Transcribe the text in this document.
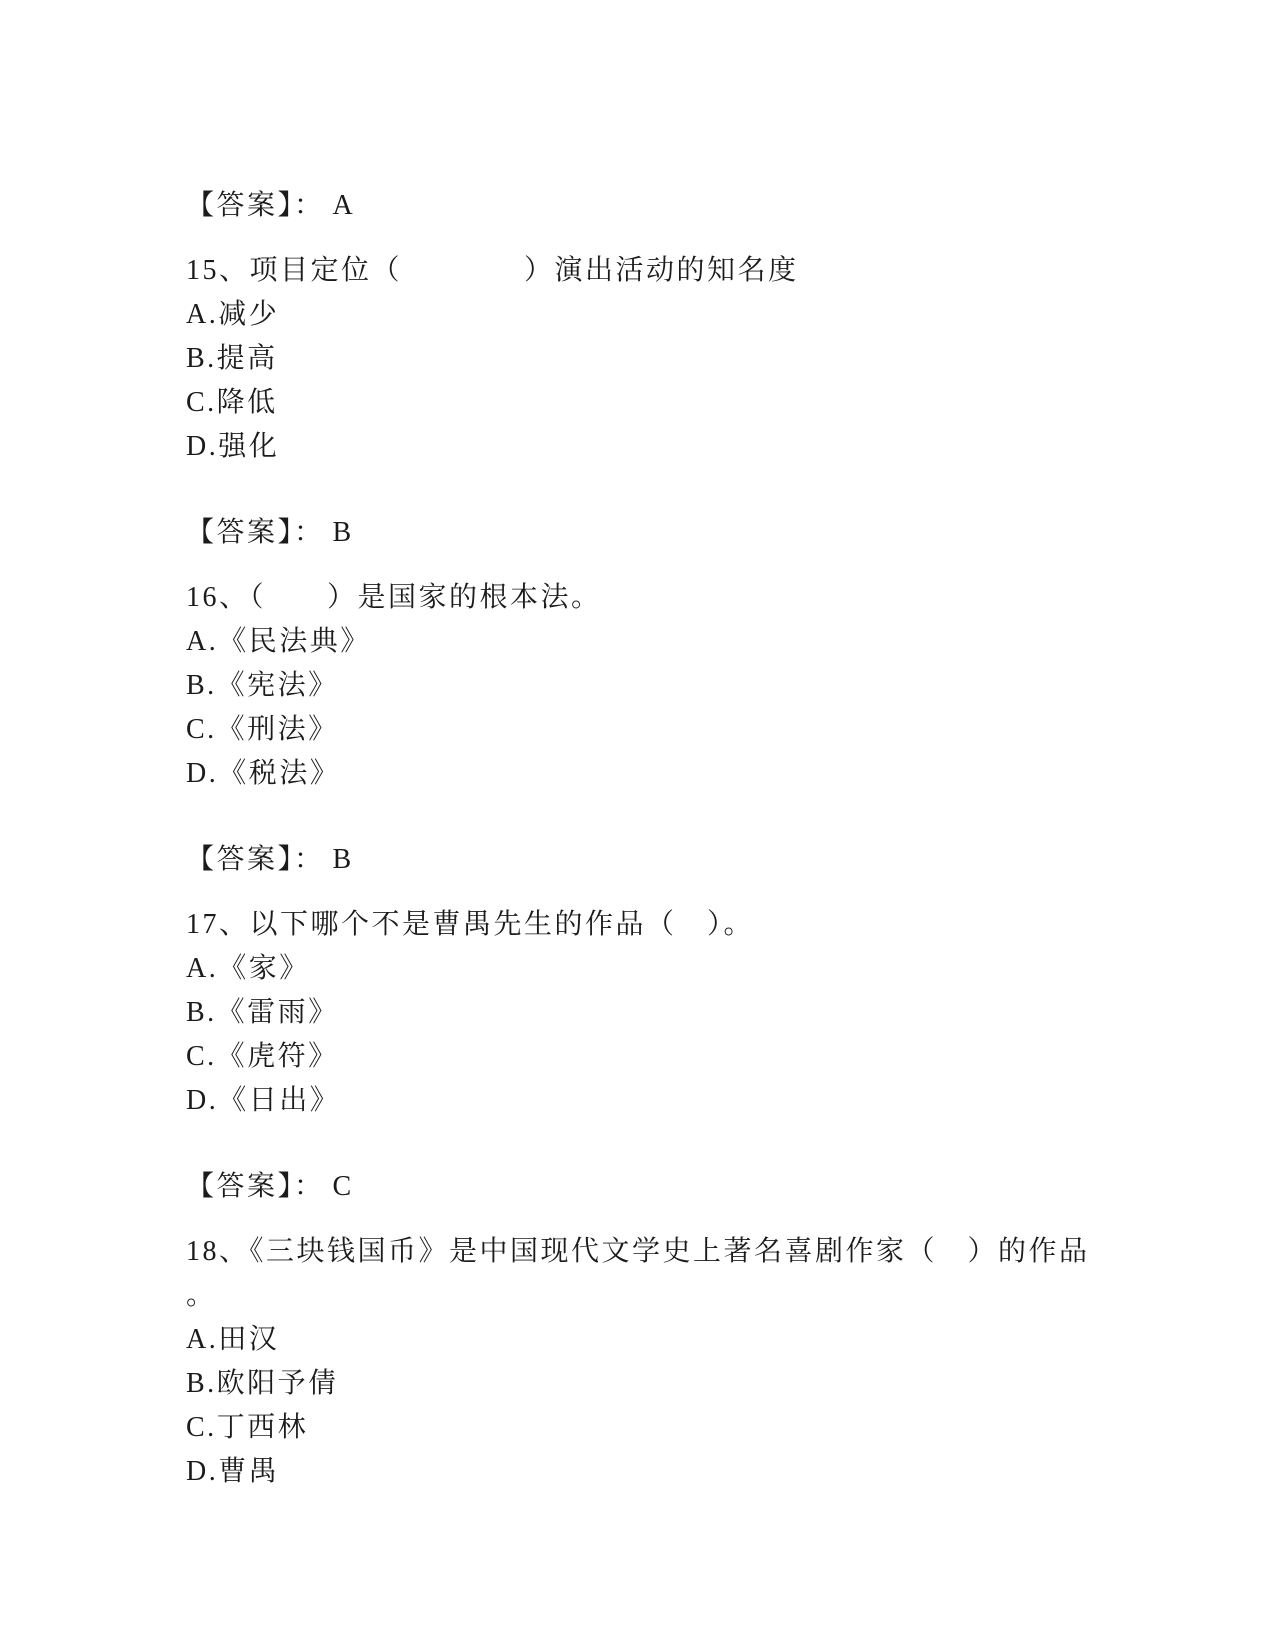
【答案】： A

15、项目定位（　　　　）演出活动的知名度

A.减少

B.提高

C.降低

D.强化

【答案】： B

16、（　　）是国家的根本法。

A.《民法典》

B.《宪法》

C.《刑法》

D.《税法》

【答案】： B

17、以下哪个不是曹禺先生的作品（　）。

A.《家》

B.《雷雨》

C.《虎符》

D.《日出》

【答案】： C

18、《三块钱国币》是中国现代文学史上著名喜剧作家（　）的作品

。

A.田汉

B.欧阳予倩

C.丁西林

D.曹禺
